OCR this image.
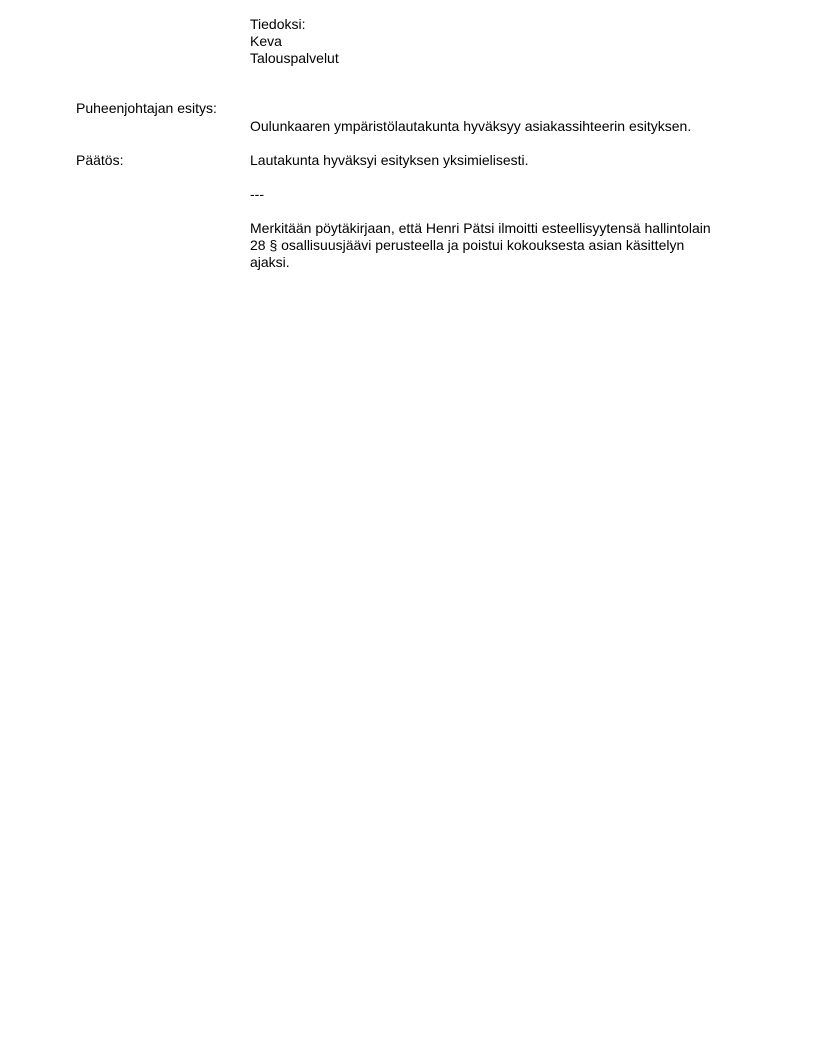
Tiedoksi:
Keva
Talouspalvelut
Puheenjohtajan esitys:
Oulunkaaren ympäristölautakunta hyväksyy asiakassihteerin esityksen.
Päätös:	Lautakunta hyväksyi esityksen yksimielisesti.
---
Merkitään pöytäkirjaan, että Henri Pätsi ilmoitti esteellisyytensä hallintolain
28 § osallisuusjäävi perusteella ja poistui kokouksesta asian käsittelyn
ajaksi.
